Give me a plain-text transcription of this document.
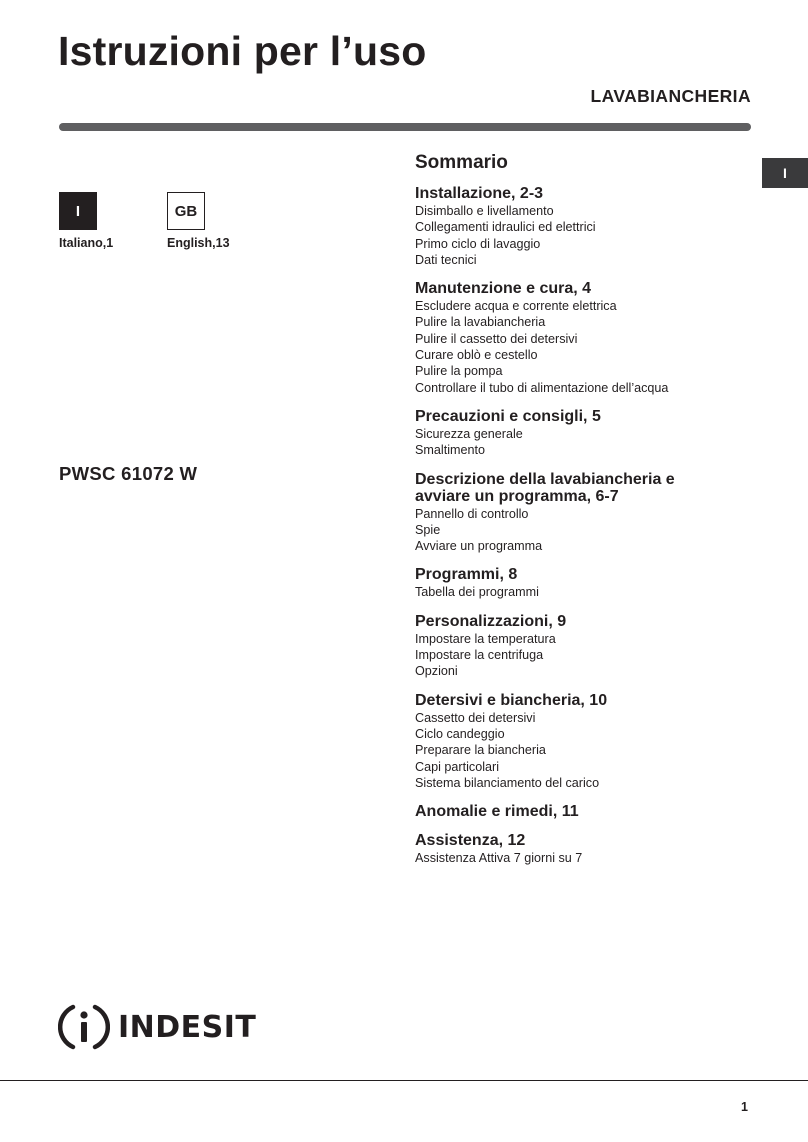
Istruzioni per l’uso
LAVABIANCHERIA
I
I	GB
Italiano,1	English,13
PWSC 61072 W
Sommario
Installazione, 2-3
Disimballo e livellamento
Collegamenti idraulici ed elettrici
Primo ciclo di lavaggio
Dati tecnici
Manutenzione e cura, 4
Escludere acqua e corrente elettrica
Pulire la lavabiancheria
Pulire il cassetto dei detersivi
Curare oblò e cestello
Pulire la pompa
Controllare il tubo di alimentazione dell’acqua
Precauzioni e consigli, 5
Sicurezza generale
Smaltimento
Descrizione della lavabiancheria e
avviare un programma, 6-7
Pannello di controllo
Spie
Avviare un programma
Programmi, 8
Tabella dei programmi
Personalizzazioni, 9
Impostare la temperatura
Impostare la centrifuga
Opzioni
Detersivi e biancheria, 10
Cassetto dei detersivi
Ciclo candeggio
Preparare la biancheria
Capi particolari
Sistema bilanciamento del carico
Anomalie e rimedi, 11
Assistenza, 12
Assistenza Attiva 7 giorni su 7
INDESIT
1
